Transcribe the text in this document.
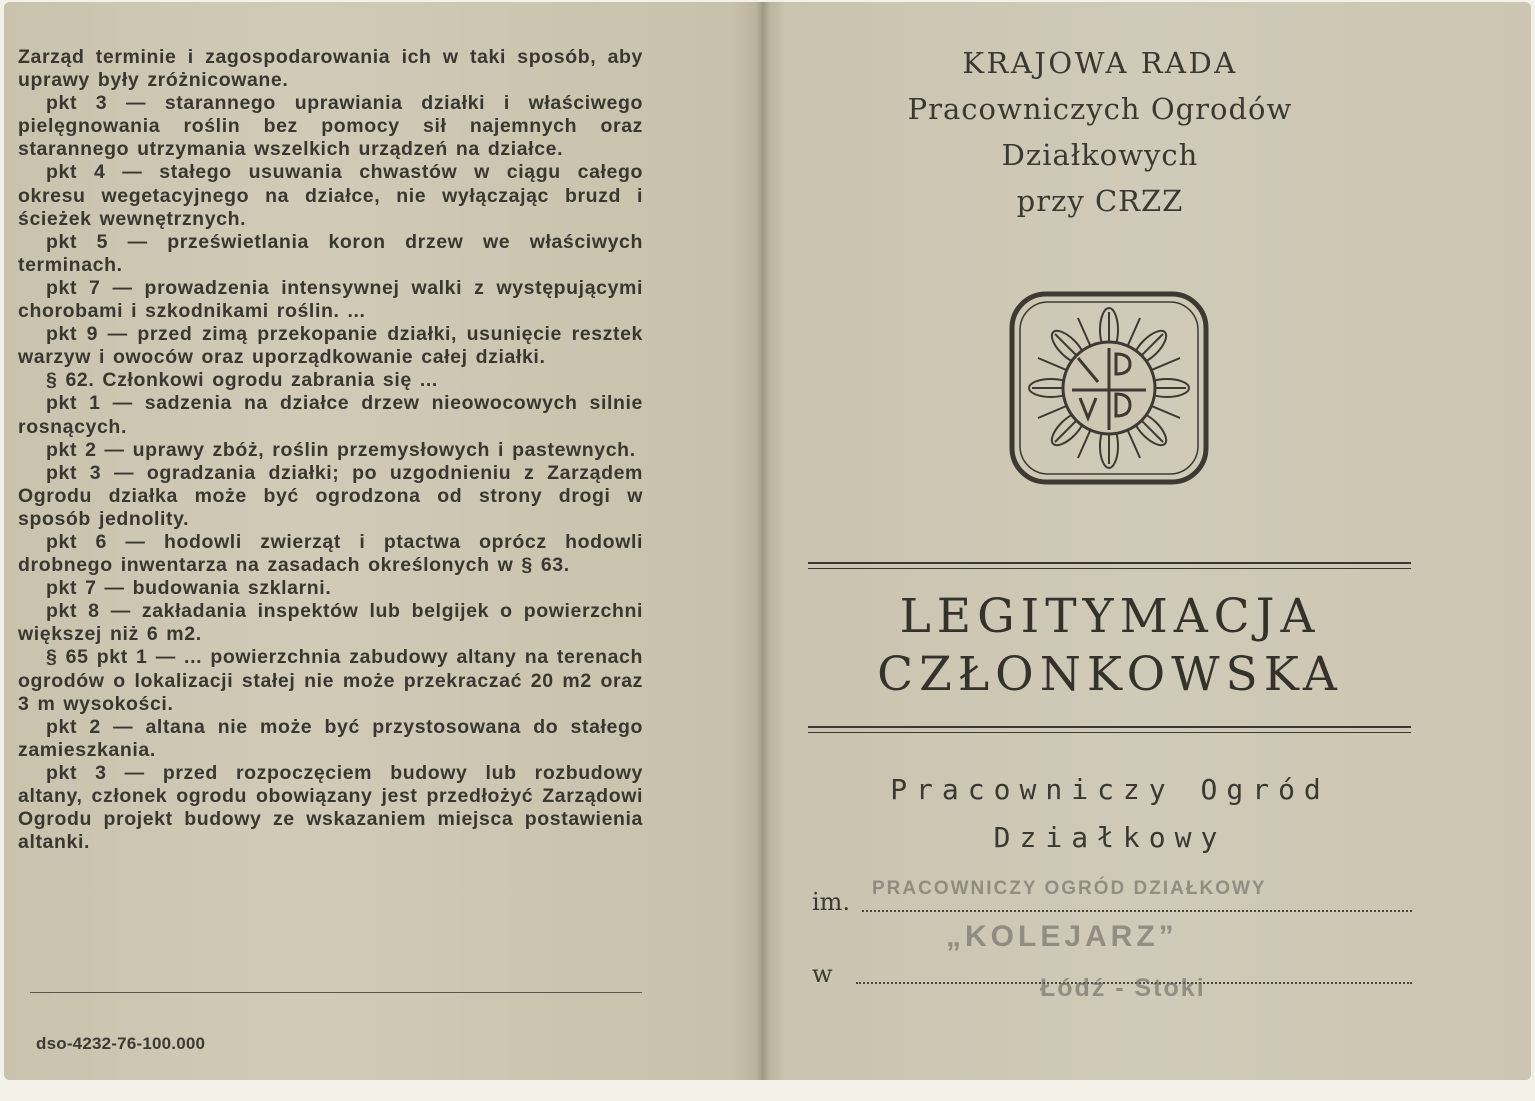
Zarząd terminie i zagospodarowania ich w taki sposób, aby uprawy były zróżnicowane.

pkt 3 — starannego uprawiania działki i właściwego pielęgnowania roślin bez pomocy sił najemnych oraz starannego utrzymania wszelkich urządzeń na działce.

pkt 4 — stałego usuwania chwastów w ciągu całego okresu wegetacyjnego na działce, nie wyłączając bruzd i ścieżek wewnętrznych.

pkt 5 — prześwietlania koron drzew we właściwych terminach.

pkt 7 — prowadzenia intensywnej walki z występującymi chorobami i szkodnikami roślin. ...

pkt 9 — przed zimą przekopanie działki, usunięcie resztek warzyw i owoców oraz uporządkowanie całej działki.

§ 62. Członkowi ogrodu zabrania się ...

pkt 1 — sadzenia na działce drzew nieowocowych silnie rosnących.

pkt 2 — uprawy zbóż, roślin przemysłowych i pastewnych.

pkt 3 — ogradzania działki; po uzgodnieniu z Zarządem Ogrodu działka może być ogrodzona od strony drogi w sposób jednolity.

pkt 6 — hodowli zwierząt i ptactwa oprócz hodowli drobnego inwentarza na zasadach określonych w § 63.

pkt 7 — budowania szklarni.

pkt 8 — zakładania inspektów lub belgijek o powierzchni większej niż 6 m2.

§ 65 pkt 1 — ... powierzchnia zabudowy altany na terenach ogrodów o lokalizacji stałej nie może przekraczać 20 m2 oraz 3 m wysokości.

pkt 2 — altana nie może być przystosowana do stałego zamieszkania.

pkt 3 — przed rozpoczęciem budowy lub rozbudowy altany, członek ogrodu obowiązany jest przedłożyć Zarządowi Ogrodu projekt budowy ze wskazaniem miejsca postawienia altanki.

dso-4232-76-100.000
KRAJOWA RADA
Pracowniczych Ogrodów
Działkowych
przy CRZZ
LEGITYMACJA
CZŁONKOWSKA
Pracowniczy Ogród
Działkowy
im.
w
PRACOWNICZY OGRÓD DZIAŁKOWY
„KOLEJARZ”
Łódź - Stoki
